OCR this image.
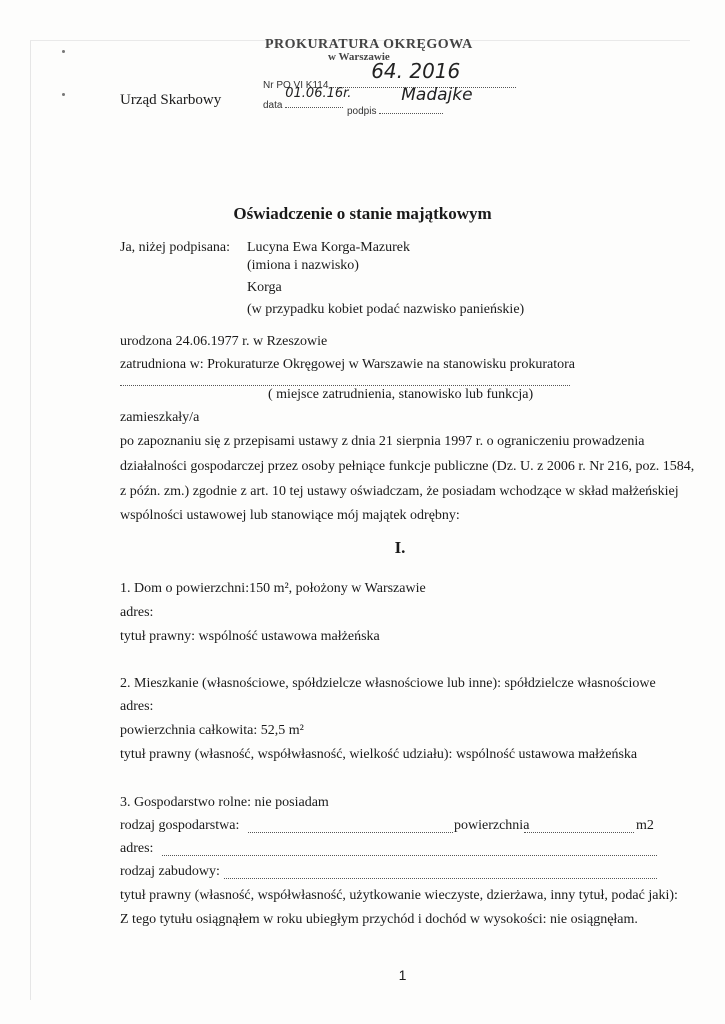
PROKURATURA OKRĘGOWA
w Warszawie
Nr PO VI K114
64. 2016
data
01.06.16r.
podpis
Madajke
Urząd Skarbowy
Oświadczenie o stanie majątkowym
Ja, niżej podpisana: Lucyna Ewa Korga-Mazurek
(imiona i nazwisko)
Korga
(w przypadku kobiet podać nazwisko panieńskie)
urodzona 24.06.1977 r. w Rzeszowie
zatrudniona w: Prokuraturze Okręgowej w Warszawie na stanowisku prokuratora
( miejsce zatrudnienia, stanowisko lub funkcja)
zamieszkały/a
po zapoznaniu się z przepisami ustawy z dnia 21 sierpnia 1997 r. o ograniczeniu prowadzenia
działalności gospodarczej przez osoby pełniące funkcje publiczne (Dz. U. z 2006 r. Nr 216, poz. 1584,
z późn. zm.) zgodnie z art. 10 tej ustawy oświadczam, że posiadam wchodzące w skład małżeńskiej
wspólności ustawowej lub stanowiące mój majątek odrębny:
I.
1. Dom o powierzchni:150 m², położony w Warszawie
adres:
tytuł prawny: wspólność ustawowa małżeńska
2. Mieszkanie (własnościowe, spółdzielcze własnościowe lub inne): spółdzielcze własnościowe
adres:
powierzchnia całkowita: 52,5 m²
tytuł prawny (własność, współwłasność, wielkość udziału): wspólność ustawowa małżeńska
3. Gospodarstwo rolne: nie posiadam
rodzaj gospodarstwa:	powierzchnia	m2
adres:
rodzaj zabudowy:
tytuł prawny (własność, współwłasność, użytkowanie wieczyste, dzierżawa, inny tytuł, podać jaki):
Z tego tytułu osiągnąłem w roku ubiegłym przychód i dochód w wysokości: nie osiągnęłam.
1
